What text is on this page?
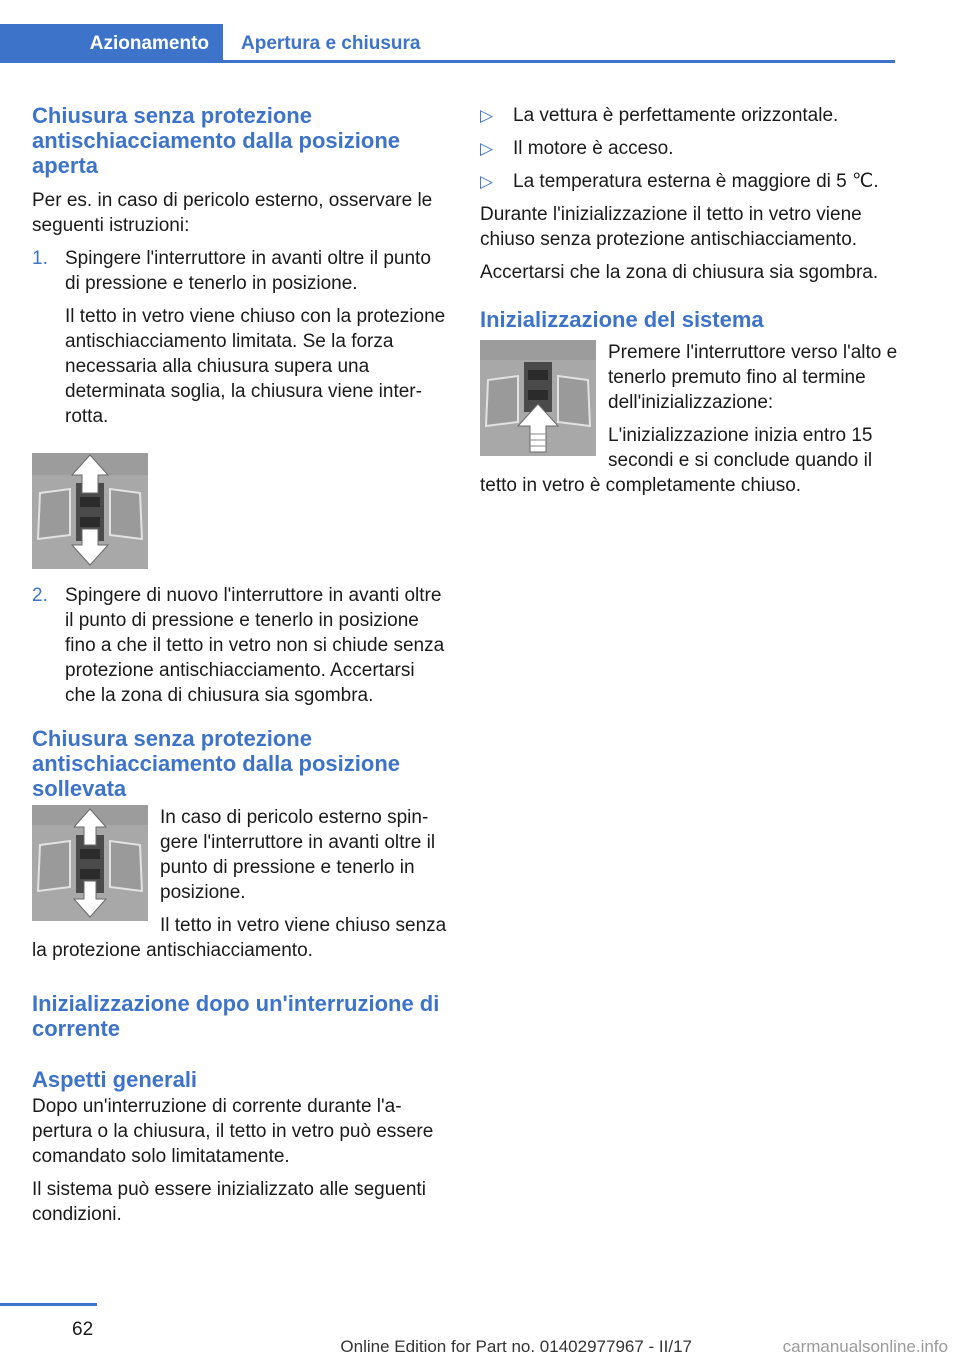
Azionamento	Apertura e chiusura
Chiusura senza protezione antischiacciamento dalla posizione aperta

Per es. in caso di pericolo esterno, osservare le seguenti istruzioni:

1. Spingere l'interruttore in avanti oltre il punto di pressione e tenerlo in posizione.

Il tetto in vetro viene chiuso con la protezione antischiacciamento limitata. Se la forza necessaria alla chiusura supera una determinata soglia, la chiusura viene interrotta.

2. Spingere di nuovo l'interruttore in avanti oltre il punto di pressione e tenerlo in posizione fino a che il tetto in vetro non si chiude senza protezione antischiacciamento. Accertarsi che la zona di chiusura sia sgombra.

Chiusura senza protezione antischiacciamento dalla posizione sollevata

In caso di pericolo esterno spingere l'interruttore in avanti oltre il punto di pressione e tenerlo in posizione.

Il tetto in vetro viene chiuso senza la protezione antischiacciamento.

Inizializzazione dopo un'interruzione di corrente
Aspetti generali

Dopo un'interruzione di corrente durante l'apertura o la chiusura, il tetto in vetro può essere comandato solo limitatamente.

Il sistema può essere inizializzato alle seguenti condizioni.

▷ La vettura è perfettamente orizzontale.
▷ Il motore è acceso.
▷ La temperatura esterna è maggiore di 5 ℃.

Durante l'inizializzazione il tetto in vetro viene chiuso senza protezione antischiacciamento.

Accertarsi che la zona di chiusura sia sgombra.

Inizializzazione del sistema

Premere l'interruttore verso l'alto e tenerlo premuto fino al termine dell'inizializzazione:

L'inizializzazione inizia entro 15 secondi e si conclude quando il tetto in vetro è completamente chiuso.

62
Online Edition for Part no. 01402977967 - II/17	carmanualsonline.info
